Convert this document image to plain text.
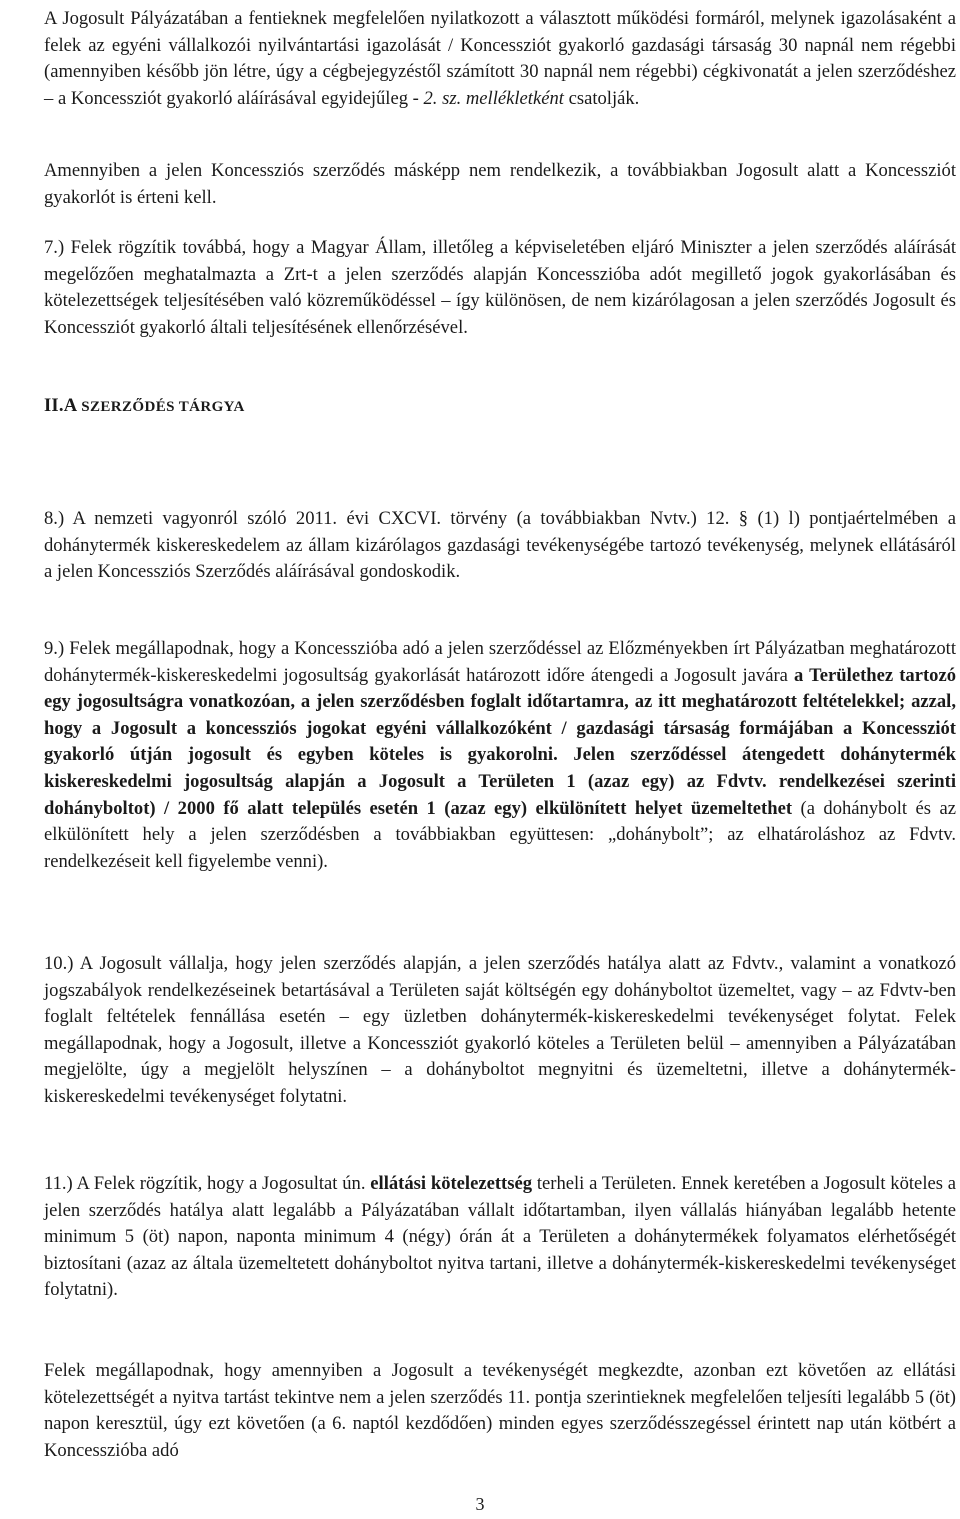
A Jogosult Pályázatában a fentieknek megfelelően nyilatkozott a választott működési formáról, melynek igazolásaként a felek az egyéni vállalkozói nyilvántartási igazolását / Koncessziót gyakorló gazdasági társaság 30 napnál nem régebbi (amennyiben később jön létre, úgy a cégbejegyzéstől számított 30 napnál nem régebbi) cégkivonatát a jelen szerződéshez – a Koncessziót gyakorló aláírásával egyidejűleg - 2. sz. mellékletként csatolják.

Amennyiben a jelen Koncessziós szerződés másképp nem rendelkezik, a továbbiakban Jogosult alatt a Koncessziót gyakorlót is érteni kell.

7.) Felek rögzítik továbbá, hogy a Magyar Állam, illetőleg a képviseletében eljáró Miniszter a jelen szerződés aláírását megelőzően meghatalmazta a Zrt-t a jelen szerződés alapján Koncesszióba adót megillető jogok gyakorlásában és kötelezettségek teljesítésében való közreműködéssel – így különösen, de nem kizárólagosan a jelen szerződés Jogosult és Koncessziót gyakorló általi teljesítésének ellenőrzésével.

II.A SZERZŐDÉS TÁRGYA

8.) A nemzeti vagyonról szóló 2011. évi CXCVI. törvény (a továbbiakban Nvtv.) 12. § (1) l) pontjaértelmében a dohánytermék kiskereskedelem az állam kizárólagos gazdasági tevékenységébe tartozó tevékenység, melynek ellátásáról a jelen Koncessziós Szerződés aláírásával gondoskodik.

9.) Felek megállapodnak, hogy a Koncesszióba adó a jelen szerződéssel az Előzményekben írt Pályázatban meghatározott dohánytermék-kiskereskedelmi jogosultság gyakorlását határozott időre átengedi a Jogosult javára a Területhez tartozó egy jogosultságra vonatkozóan, a jelen szerződésben foglalt időtartamra, az itt meghatározott feltételekkel; azzal, hogy a Jogosult a koncessziós jogokat egyéni vállalkozóként / gazdasági társaság formájában a Koncessziót gyakorló útján jogosult és egyben köteles is gyakorolni. Jelen szerződéssel átengedett dohánytermék kiskereskedelmi jogosultság alapján a Jogosult a Területen 1 (azaz egy) az Fdvtv. rendelkezései szerinti dohányboltot) / 2000 fő alatt település esetén 1 (azaz egy) elkülönített helyet üzemeltethet (a dohánybolt és az elkülönített hely a jelen szerződésben a továbbiakban együttesen: „dohánybolt”; az elhatároláshoz az Fdvtv. rendelkezéseit kell figyelembe venni).

10.) A Jogosult vállalja, hogy jelen szerződés alapján, a jelen szerződés hatálya alatt az Fdvtv., valamint a vonatkozó jogszabályok rendelkezéseinek betartásával a Területen saját költségén egy dohányboltot üzemeltet, vagy – az Fdvtv-ben foglalt feltételek fennállása esetén – egy üzletben dohánytermék-kiskereskedelmi tevékenységet folytat. Felek megállapodnak, hogy a Jogosult, illetve a Koncessziót gyakorló köteles a Területen belül – amennyiben a Pályázatában megjelölte, úgy a megjelölt helyszínen – a dohányboltot megnyitni és üzemeltetni, illetve a dohánytermék-kiskereskedelmi tevékenységet folytatni.

11.) A Felek rögzítik, hogy a Jogosultat ún. ellátási kötelezettség terheli a Területen. Ennek keretében a Jogosult köteles a jelen szerződés hatálya alatt legalább a Pályázatában vállalt időtartamban, ilyen vállalás hiányában legalább hetente minimum 5 (öt) napon, naponta minimum 4 (négy) órán át a Területen a dohánytermékek folyamatos elérhetőségét biztosítani (azaz az általa üzemeltetett dohányboltot nyitva tartani, illetve a dohánytermék-kiskereskedelmi tevékenységet folytatni).

Felek megállapodnak, hogy amennyiben a Jogosult a tevékenységét megkezdte, azonban ezt követően az ellátási kötelezettségét a nyitva tartást tekintve nem a jelen szerződés 11. pontja szerintieknek megfelelően teljesíti legalább 5 (öt) napon keresztül, úgy ezt követően (a 6. naptól kezdődően) minden egyes szerződésszegéssel érintett nap után kötbért a Koncesszióba adó

3
